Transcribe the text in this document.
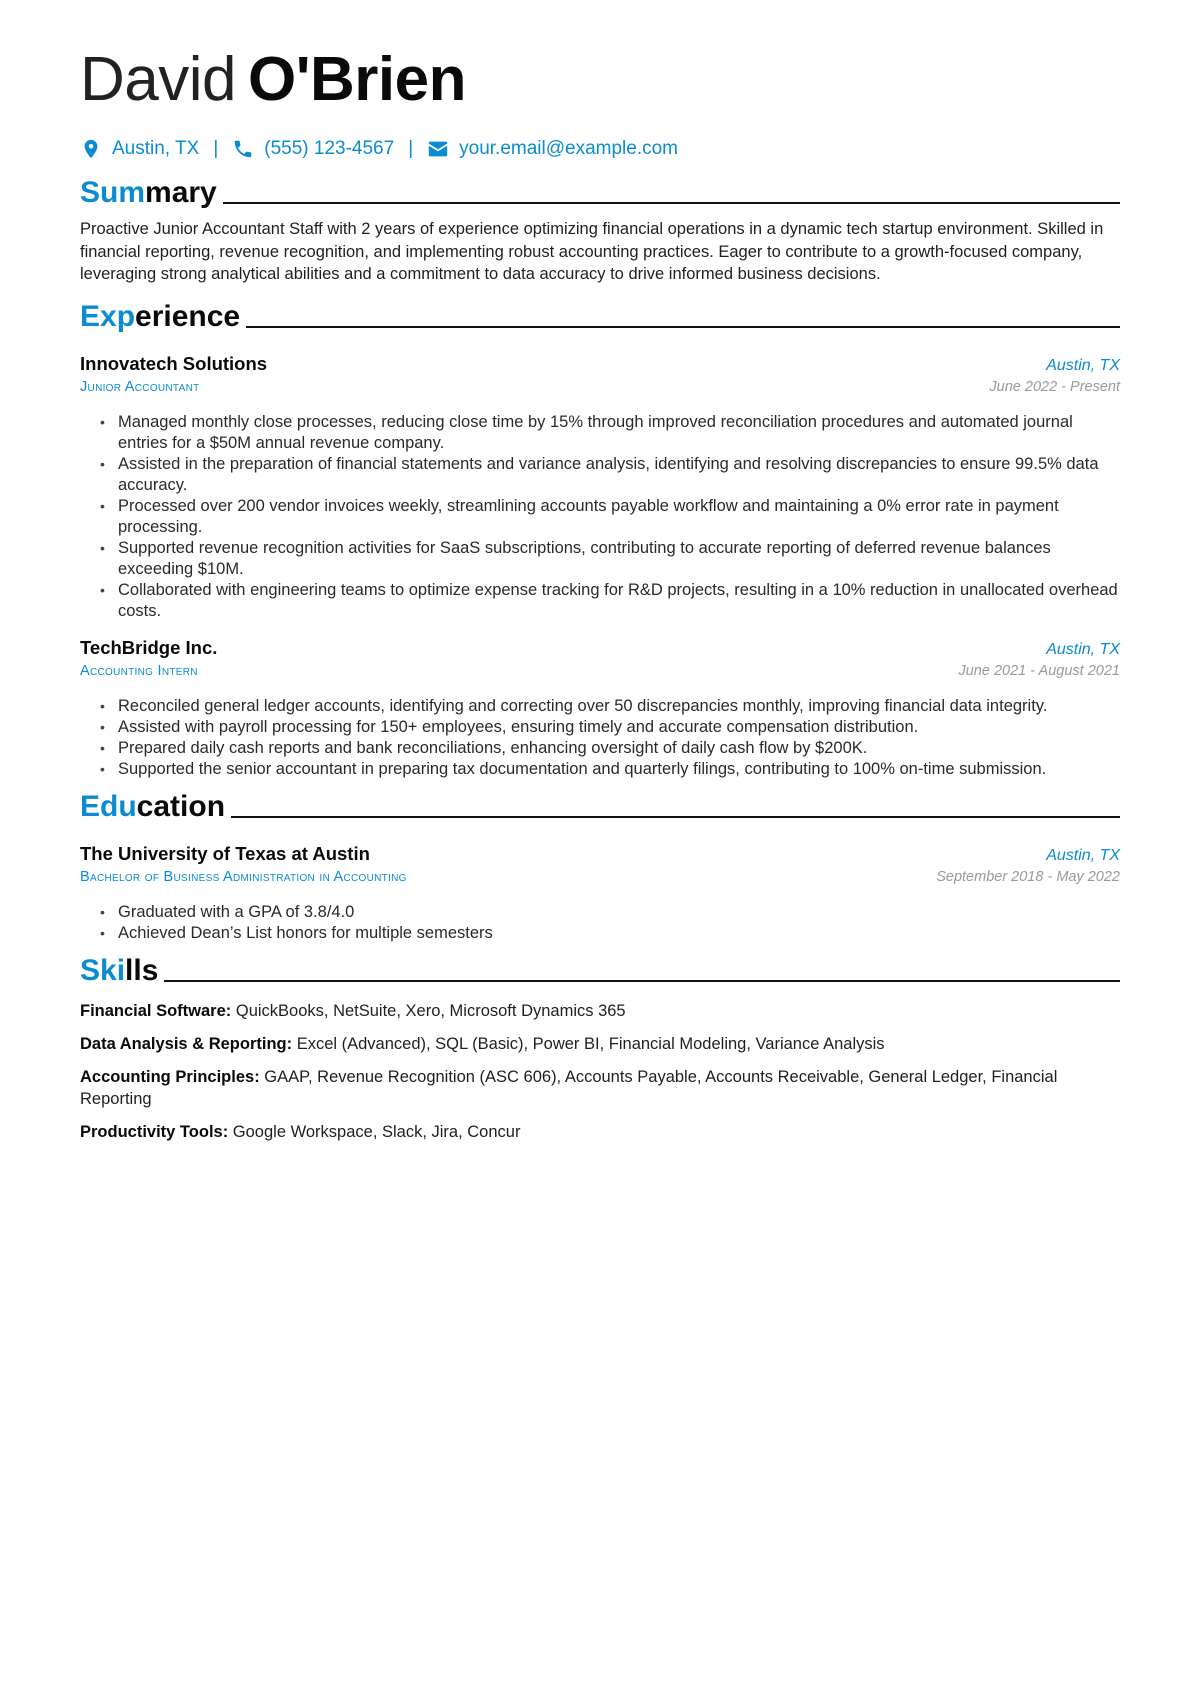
David O'Brien
Austin, TX | (555) 123-4567 | your.email@example.com
Sum mary

Proactive Junior Accountant Staff with 2 years of experience optimizing financial operations in a dynamic tech startup environment. Skilled in financial reporting, revenue recognition, and implementing robust accounting practices. Eager to contribute to a growth-focused company, leveraging strong analytical abilities and a commitment to data accuracy to drive informed business decisions.

Exp erience
Innovatech Solutions	Austin, TX
Junior Accountant	June 2022 - Present
• Managed monthly close processes, reducing close time by 15% through improved reconciliation procedures and automated journal entries for a $50M annual revenue company.
• Assisted in the preparation of financial statements and variance analysis, identifying and resolving discrepancies to ensure 99.5% data accuracy.
• Processed over 200 vendor invoices weekly, streamlining accounts payable workflow and maintaining a 0% error rate in payment processing.
• Supported revenue recognition activities for SaaS subscriptions, contributing to accurate reporting of deferred revenue balances exceeding $10M.
• Collaborated with engineering teams to optimize expense tracking for R&D projects, resulting in a 10% reduction in unallocated overhead costs.
TechBridge Inc.	Austin, TX
Accounting Intern	June 2021 - August 2021
• Reconciled general ledger accounts, identifying and correcting over 50 discrepancies monthly, improving financial data integrity.
• Assisted with payroll processing for 150+ employees, ensuring timely and accurate compensation distribution.
• Prepared daily cash reports and bank reconciliations, enhancing oversight of daily cash flow by $200K.
• Supported the senior accountant in preparing tax documentation and quarterly filings, contributing to 100% on-time submission.
Edu cation
The University of Texas at Austin	Austin, TX
Bachelor of Business Administration in Accounting	September 2018 - May 2022
• Graduated with a GPA of 3.8/4.0
• Achieved Dean’s List honors for multiple semesters
Ski lls
Financial Software: QuickBooks, NetSuite, Xero, Microsoft Dynamics 365
Data Analysis & Reporting: Excel (Advanced), SQL (Basic), Power BI, Financial Modeling, Variance Analysis
Accounting Principles: GAAP, Revenue Recognition (ASC 606), Accounts Payable, Accounts Receivable, General Ledger, Financial Reporting
Productivity Tools: Google Workspace, Slack, Jira, Concur
